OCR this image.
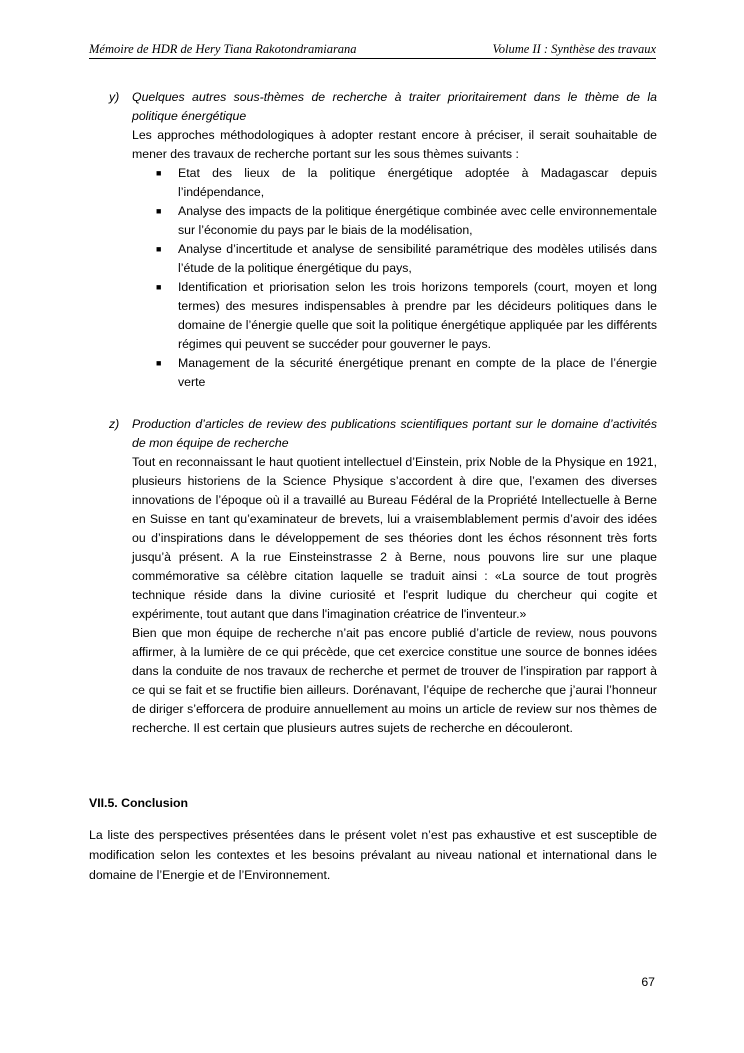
Mémoire de HDR de Hery Tiana Rakotondramiarana	Volume II : Synthèse des travaux
y) Quelques autres sous-thèmes de recherche à traiter prioritairement dans le thème de la politique énergétique

Les approches méthodologiques à adopter restant encore à préciser, il serait souhaitable de mener des travaux de recherche portant sur les sous thèmes suivants :

■ Etat des lieux de la politique énergétique adoptée à Madagascar depuis l’indépendance,
■ Analyse des impacts de la politique énergétique combinée avec celle environnementale sur l’économie du pays par le biais de la modélisation,
■ Analyse d’incertitude et analyse de sensibilité paramétrique des modèles utilisés dans l’étude de la politique énergétique du pays,
■ Identification et priorisation selon les trois horizons temporels (court, moyen et long termes) des mesures indispensables à prendre par les décideurs politiques dans le domaine de l’énergie quelle que soit la politique énergétique appliquée par les différents régimes qui peuvent se succéder pour gouverner le pays.
■ Management de la sécurité énergétique prenant en compte de la place de l’énergie verte
z) Production d’articles de review des publications scientifiques portant sur le domaine d’activités de mon équipe de recherche

Tout en reconnaissant le haut quotient intellectuel d’Einstein, prix Noble de la Physique en 1921, plusieurs historiens de la Science Physique s’accordent à dire que, l’examen des diverses innovations de l’époque où il a travaillé au Bureau Fédéral de la Propriété Intellectuelle à Berne en Suisse en tant qu’examinateur de brevets, lui a vraisemblablement permis d’avoir des idées ou d’inspirations dans le développement de ses théories dont les échos résonnent très forts jusqu’à présent. A la rue Einsteinstrasse 2 à Berne, nous pouvons lire sur une plaque commémorative sa célèbre citation laquelle se traduit ainsi : «La source de tout progrès technique réside dans la divine curiosité et l'esprit ludique du chercheur qui cogite et expérimente, tout autant que dans l'imagination créatrice de l'inventeur.»

Bien que mon équipe de recherche n’ait pas encore publié d’article de review, nous pouvons affirmer, à la lumière de ce qui précède, que cet exercice constitue une source de bonnes idées dans la conduite de nos travaux de recherche et permet de trouver de l’inspiration par rapport à ce qui se fait et se fructifie bien ailleurs. Dorénavant, l’équipe de recherche que j’aurai l’honneur de diriger s’efforcera de produire annuellement au moins un article de review sur nos thèmes de recherche. Il est certain que plusieurs autres sujets de recherche en découleront.

VII.5. Conclusion
La liste des perspectives présentées dans le présent volet n’est pas exhaustive et est susceptible de modification selon les contextes et les besoins prévalant au niveau national et international dans le domaine de l’Energie et de l’Environnement.
67
